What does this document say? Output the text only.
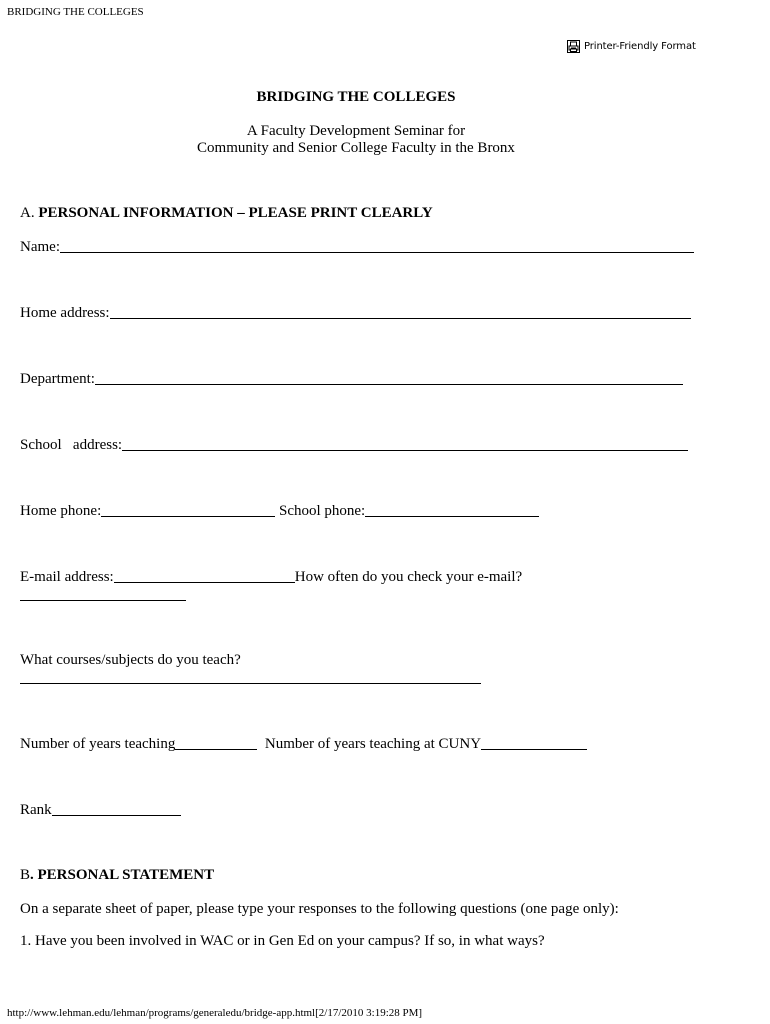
BRIDGING THE COLLEGES
Printer-Friendly Format
BRIDGING THE COLLEGES
A Faculty Development Seminar for
Community and Senior College Faculty in the Bronx
A. PERSONAL INFORMATION – PLEASE PRINT CLEARLY
Name:
Home address:
Department:
School   address:
Home phone:	School phone:
E-mail address:	How often do you check your e-mail?
What courses/subjects do you teach?
Number of years teaching	Number of years teaching at CUNY
Rank
B. PERSONAL STATEMENT
On a separate sheet of paper, please type your responses to the following questions (one page only):
1. Have you been involved in WAC or in Gen Ed on your campus? If so, in what ways?
http://www.lehman.edu/lehman/programs/generaledu/bridge-app.html[2/17/2010 3:19:28 PM]
